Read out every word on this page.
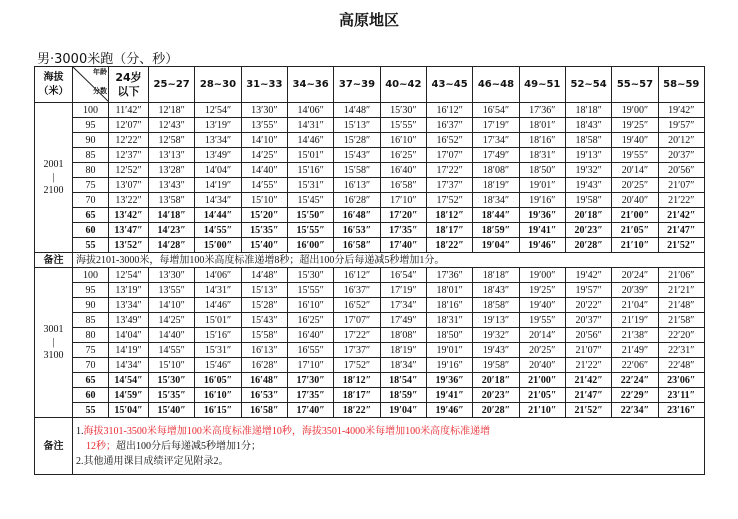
高原地区
男·3000米跑（分、秒）
海拔
（米）	年龄
分数	24岁
以下	25~27	28~30	31~33	34~36	37~39	40~42	43~45	46~48	49~51	52~54	55~57	58~59
2001
|
2100	100	11′42″	12′18″	12′54″	13′30″	14′06″	14′48″	15′30″	16′12″	16′54″	17′36″	18′18″	19′00″	19′42″
	95	12′07″	12′43″	13′19″	13′55″	14′31″	15′13″	15′55″	16′37″	17′19″	18′01″	18′43″	19′25″	19′57″
	90	12′22″	12′58″	13′34″	14′10″	14′46″	15′28″	16′10″	16′52″	17′34″	18′16″	18′58″	19′40″	20′12″
	85	12′37″	13′13″	13′49″	14′25″	15′01″	15′43″	16′25″	17′07″	17′49″	18′31″	19′13″	19′55″	20′37″
	80	12′52″	13′28″	14′04″	14′40″	15′16″	15′58″	16′40″	17′22″	18′08″	18′50″	19′32″	20′14″	20′56″
	75	13′07″	13′43″	14′19″	14′55″	15′31″	16′13″	16′58″	17′37″	18′19″	19′01″	19′43″	20′25″	21′07″
	70	13′22″	13′58″	14′34″	15′10″	15′45″	16′28″	17′10″	17′52″	18′34″	19′16″	19′58″	20′40″	21′22″
	65	13′42″	14′18″	14′44″	15′20″	15′50″	16′48″	17′20″	18′12″	18′44″	19′36″	20′18″	21′00″	21′42″
	60	13′47″	14′23″	14′55″	15′35″	15′55″	16′53″	17′35″	18′17″	18′59″	19′41″	20′23″	21′05″	21′47″
	55	13′52″	14′28″	15′00″	15′40″	16′00″	16′58″	17′40″	18′22″	19′04″	19′46″	20′28″	21′10″	21′52″
备注	海拔2101-3000米，每增加100米高度标准递增8秒；超出100分后每递减5秒增加1分。													
3001
|
3100	100	12′54″	13′30″	14′06″	14′48″	15′30″	16′12″	16′54″	17′36″	18′18″	19′00″	19′42″	20′24″	21′06″
	95	13′19″	13′55″	14′31″	15′13″	15′55″	16′37″	17′19″	18′01″	18′43″	19′25″	19′57″	20′39″	21′21″
	90	13′34″	14′10″	14′46″	15′28″	16′10″	16′52″	17′34″	18′16″	18′58″	19′40″	20′22″	21′04″	21′48″
	85	13′49″	14′25″	15′01″	15′43″	16′25″	17′07″	17′49″	18′31″	19′13″	19′55″	20′37″	21′19″	21′58″
	80	14′04″	14′40″	15′16″	15′58″	16′40″	17′22″	18′08″	18′50″	19′32″	20′14″	20′56″	21′38″	22′20″
	75	14′19″	14′55″	15′31″	16′13″	16′55″	17′37″	18′19″	19′01″	19′43″	20′25″	21′07″	21′49″	22′31″
	70	14′34″	15′10″	15′46″	16′28″	17′10″	17′52″	18′34″	19′16″	19′58″	20′40″	21′22″	22′06″	22′48″
	65	14′54″	15′30″	16′05″	16′48″	17′30″	18′12″	18′54″	19′36″	20′18″	21′00″	21′42″	22′24″	23′06″
	60	14′59″	15′35″	16′10″	16′53″	17′35″	18′17″	18′59″	19′41″	20′23″	21′05″	21′47″	22′29″	23′11″
	55	15′04″	15′40″	16′15″	16′58″	17′40″	18′22″	19′04″	19′46″	20′28″	21′10″	21′52″	22′34″	23′16″
备注	1.海拔3101-3500米每增加100米高度标准递增10秒，海拔3501-4000米每增加100米高度标准递增
12秒；超出100分后每递减5秒增加1分；
2.其他通用课目成绩评定见附录2。													
